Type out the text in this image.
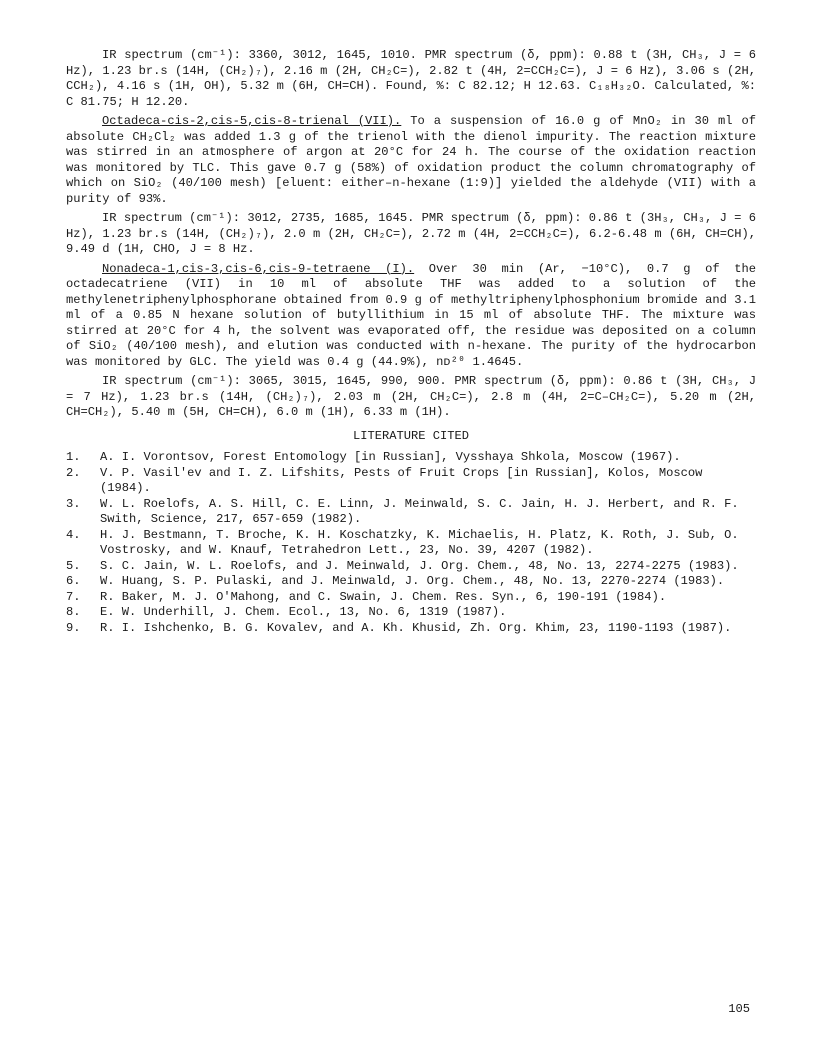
IR spectrum (cm⁻¹): 3360, 3012, 1645, 1010. PMR spectrum (δ, ppm): 0.88 t (3H, CH₃, J = 6 Hz), 1.23 br.s (14H, (CH₂)₇), 2.16 m (2H, CH₂C=), 2.82 t (4H, 2=CCH₂C=), J = 6 Hz), 3.06 s (2H, CCH₂), 4.16 s (1H, OH), 5.32 m (6H, CH=CH). Found, %: C 82.12; H 12.63. C₁₈H₃₂O. Calculated, %: C 81.75; H 12.20.

Octadeca-cis-2,cis-5,cis-8-trienal (VII). To a suspension of 16.0 g of MnO₂ in 30 ml of absolute CH₂Cl₂ was added 1.3 g of the trienol with the dienol impurity. The reaction mixture was stirred in an atmosphere of argon at 20°C for 24 h. The course of the oxidation reaction was monitored by TLC. This gave 0.7 g (58%) of oxidation product the column chromatography of which on SiO₂ (40/100 mesh) [eluent: either–n-hexane (1:9)] yielded the aldehyde (VII) with a purity of 93%.

IR spectrum (cm⁻¹): 3012, 2735, 1685, 1645. PMR spectrum (δ, ppm): 0.86 t (3H₃, CH₃, J = 6 Hz), 1.23 br.s (14H, (CH₂)₇), 2.0 m (2H, CH₂C=), 2.72 m (4H, 2=CCH₂C=), 6.2-6.48 m (6H, CH=CH), 9.49 d (1H, CHO, J = 8 Hz.

Nonadeca-1,cis-3,cis-6,cis-9-tetraene (I). Over 30 min (Ar, −10°C), 0.7 g of the octadecatriene (VII) in 10 ml of absolute THF was added to a solution of the methylenetriphenylphosphorane obtained from 0.9 g of methyltriphenylphosphonium bromide and 3.1 ml of a 0.85 N hexane solution of butyllithium in 15 ml of absolute THF. The mixture was stirred at 20°C for 4 h, the solvent was evaporated off, the residue was deposited on a column of SiO₂ (40/100 mesh), and elution was conducted with n-hexane. The purity of the hydrocarbon was monitored by GLC. The yield was 0.4 g (44.9%), nᴅ²⁰ 1.4645.

IR spectrum (cm⁻¹): 3065, 3015, 1645, 990, 900. PMR spectrum (δ, ppm): 0.86 t (3H, CH₃, J = 7 Hz), 1.23 br.s (14H, (CH₂)₇), 2.03 m (2H, CH₂C=), 2.8 m (4H, 2=C–CH₂C=), 5.20 m (2H, CH=CH₂), 5.40 m (5H, CH=CH), 6.0 m (1H), 6.33 m (1H).

LITERATURE CITED

1.	A. I. Vorontsov, Forest Entomology [in Russian], Vysshaya Shkola, Moscow (1967).
2.	V. P. Vasil'ev and I. Z. Lifshits, Pests of Fruit Crops [in Russian], Kolos, Moscow (1984).
3.	W. L. Roelofs, A. S. Hill, C. E. Linn, J. Meinwald, S. C. Jain, H. J. Herbert, and R. F. Swith, Science, 217, 657-659 (1982).
4.	H. J. Bestmann, T. Broche, K. H. Koschatzky, K. Michaelis, H. Platz, K. Roth, J. Sub, O. Vostrosky, and W. Knauf, Tetrahedron Lett., 23, No. 39, 4207 (1982).
5.	S. C. Jain, W. L. Roelofs, and J. Meinwald, J. Org. Chem., 48, No. 13, 2274-2275 (1983).
6.	W. Huang, S. P. Pulaski, and J. Meinwald, J. Org. Chem., 48, No. 13, 2270-2274 (1983).
7.	R. Baker, M. J. O'Mahong, and C. Swain, J. Chem. Res. Syn., 6, 190-191 (1984).
8.	E. W. Underhill, J. Chem. Ecol., 13, No. 6, 1319 (1987).
9.	R. I. Ishchenko, B. G. Kovalev, and A. Kh. Khusid, Zh. Org. Khim, 23, 1190-1193 (1987).
105
